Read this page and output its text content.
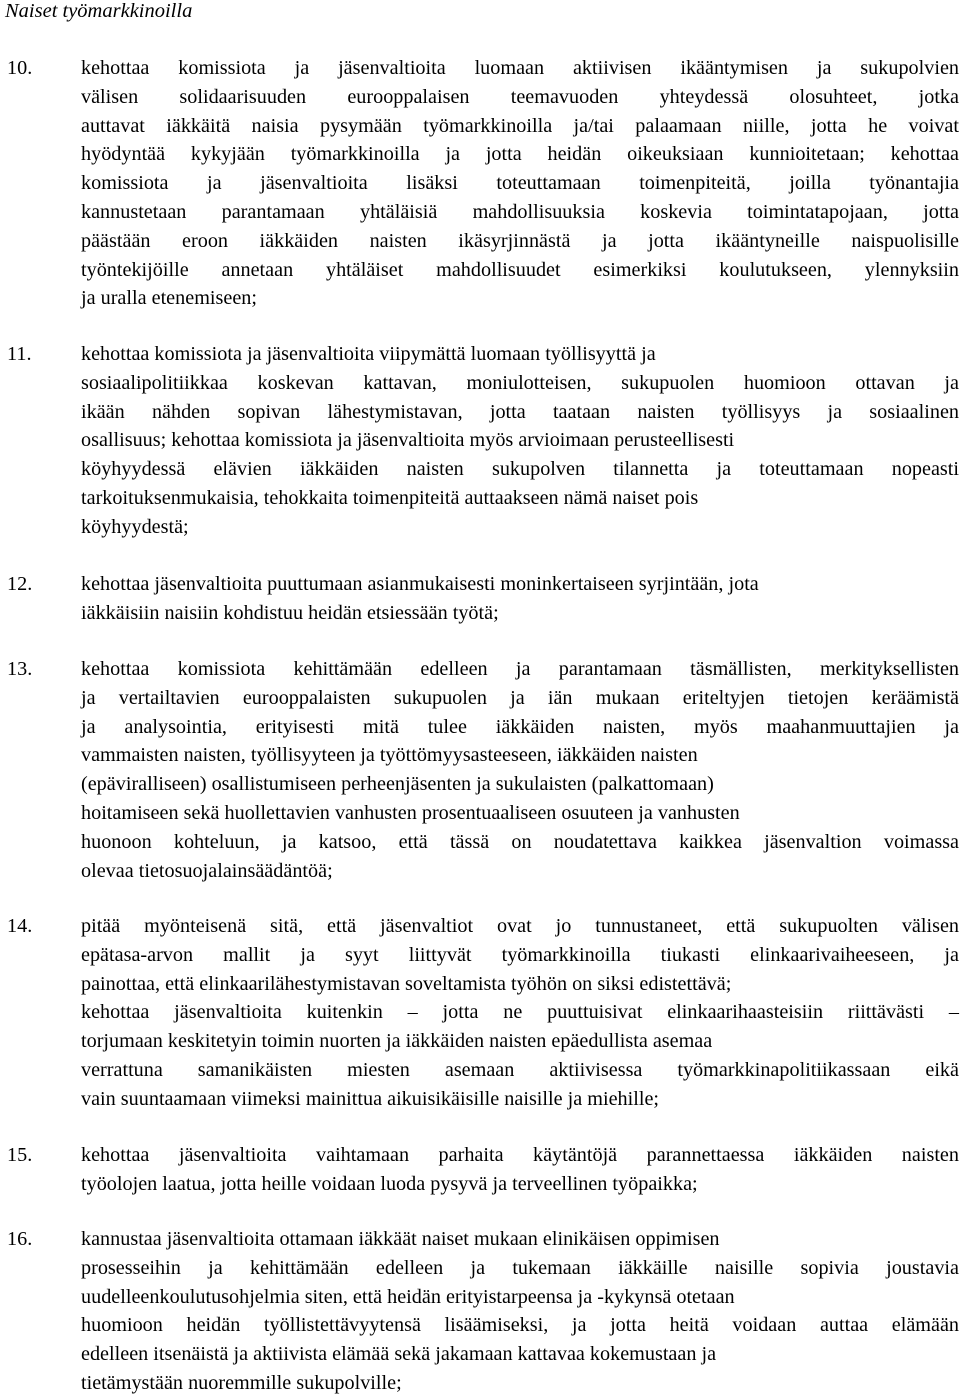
Naiset työmarkkinoilla
10.	kehottaa komissiota ja jäsenvaltioita luomaan aktiivisen ikääntymisen ja sukupolvien
välisen solidaarisuuden eurooppalaisen teemavuoden yhteydessä olosuhteet, jotka
auttavat iäkkäitä naisia pysymään työmarkkinoilla ja/tai palaamaan niille, jotta he voivat
hyödyntää kykyjään työmarkkinoilla ja jotta heidän oikeuksiaan kunnioitetaan; kehottaa
komissiota ja jäsenvaltioita lisäksi toteuttamaan toimenpiteitä, joilla työnantajia
kannustetaan parantamaan yhtäläisiä mahdollisuuksia koskevia toimintatapojaan, jotta
päästään eroon iäkkäiden naisten ikäsyrjinnästä ja jotta ikääntyneille naispuolisille
työntekijöille annetaan yhtäläiset mahdollisuudet esimerkiksi koulutukseen, ylennyksiin
ja uralla etenemiseen;
11.	kehottaa komissiota ja jäsenvaltioita viipymättä luomaan työllisyyttä ja
sosiaalipolitiikkaa koskevan kattavan, moniulotteisen, sukupuolen huomioon ottavan ja
ikään nähden sopivan lähestymistavan, jotta taataan naisten työllisyys ja sosiaalinen
osallisuus; kehottaa komissiota ja jäsenvaltioita myös arvioimaan perusteellisesti
köyhyydessä elävien iäkkäiden naisten sukupolven tilannetta ja toteuttamaan nopeasti
tarkoituksenmukaisia, tehokkaita toimenpiteitä auttaakseen nämä naiset pois
köyhyydestä;
12.	kehottaa jäsenvaltioita puuttumaan asianmukaisesti moninkertaiseen syrjintään, jota
iäkkäisiin naisiin kohdistuu heidän etsiessään työtä;
13.	kehottaa komissiota kehittämään edelleen ja parantamaan täsmällisten, merkityksellisten
ja vertailtavien eurooppalaisten sukupuolen ja iän mukaan eriteltyjen tietojen keräämistä
ja analysointia, erityisesti mitä tulee iäkkäiden naisten, myös maahanmuuttajien ja
vammaisten naisten, työllisyyteen ja työttömyysasteeseen, iäkkäiden naisten
(epäviralliseen) osallistumiseen perheenjäsenten ja sukulaisten (palkattomaan)
hoitamiseen sekä huollettavien vanhusten prosentuaaliseen osuuteen ja vanhusten
huonoon kohteluun, ja katsoo, että tässä on noudatettava kaikkea jäsenvaltion voimassa
olevaa tietosuojalainsäädäntöä;
14.	pitää myönteisenä sitä, että jäsenvaltiot ovat jo tunnustaneet, että sukupuolten välisen
epätasa-arvon mallit ja syyt liittyvät työmarkkinoilla tiukasti elinkaarivaiheeseen, ja
painottaa, että elinkaarilähestymistavan soveltamista työhön on siksi edistettävä;
kehottaa jäsenvaltioita kuitenkin – jotta ne puuttuisivat elinkaarihaasteisiin riittävästi –
torjumaan keskitetyin toimin nuorten ja iäkkäiden naisten epäedullista asemaa
verrattuna samanikäisten miesten asemaan aktiivisessa työmarkkinapolitiikassaan eikä
vain suuntaamaan viimeksi mainittua aikuisikäisille naisille ja miehille;
15.	kehottaa jäsenvaltioita vaihtamaan parhaita käytäntöjä parannettaessa iäkkäiden naisten
työolojen laatua, jotta heille voidaan luoda pysyvä ja terveellinen työpaikka;
16.	kannustaa jäsenvaltioita ottamaan iäkkäät naiset mukaan elinikäisen oppimisen
prosesseihin ja kehittämään edelleen ja tukemaan iäkkäille naisille sopivia joustavia
uudelleenkoulutusohjelmia siten, että heidän erityistarpeensa ja -kykynsä otetaan
huomioon heidän työllistettävyytensä lisäämiseksi, ja jotta heitä voidaan auttaa elämään
edelleen itsenäistä ja aktiivista elämää sekä jakamaan kattavaa kokemustaan ja
tietämystään nuoremmille sukupolville;
